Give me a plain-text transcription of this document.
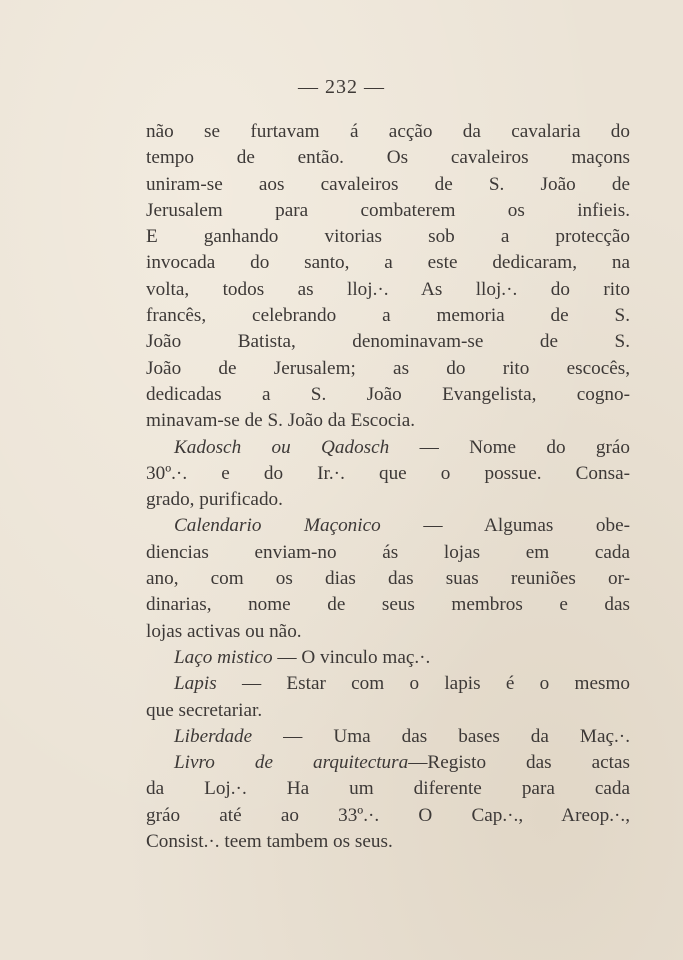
— 232 —
não se furtavam á acção da cavalaria do
tempo de então. Os cavaleiros maçons
uniram-se aos cavaleiros de S. João de
Jerusalem para combaterem os infieis.
E ganhando vitorias sob a protecção
invocada do santo, a este dedicaram, na
volta, todos as lloj.·. As lloj.·. do rito
francês, celebrando a memoria de S.
João Batista, denominavam-se de S.
João de Jerusalem; as do rito escocês,
dedicadas a S. João Evangelista, cogno-
minavam-se de S. João da Escocia.
Kadosch ou Qadosch — Nome do gráo
30º.·. e do Ir.·. que o possue. Consa-
grado, purificado.
Calendario Maçonico — Algumas obe-
diencias enviam-no ás lojas em cada
ano, com os dias das suas reuniões or-
dinarias, nome de seus membros e das
lojas activas ou não.
Laço mistico — O vinculo maç.·.
Lapis — Estar com o lapis é o mesmo
que secretariar.
Liberdade — Uma das bases da Maç.·.
Livro de arquitectura—Registo das actas
da Loj.·. Ha um diferente para cada
gráo até ao 33º.·. O Cap.·., Areop.·.,
Consist.·. teem tambem os seus.
